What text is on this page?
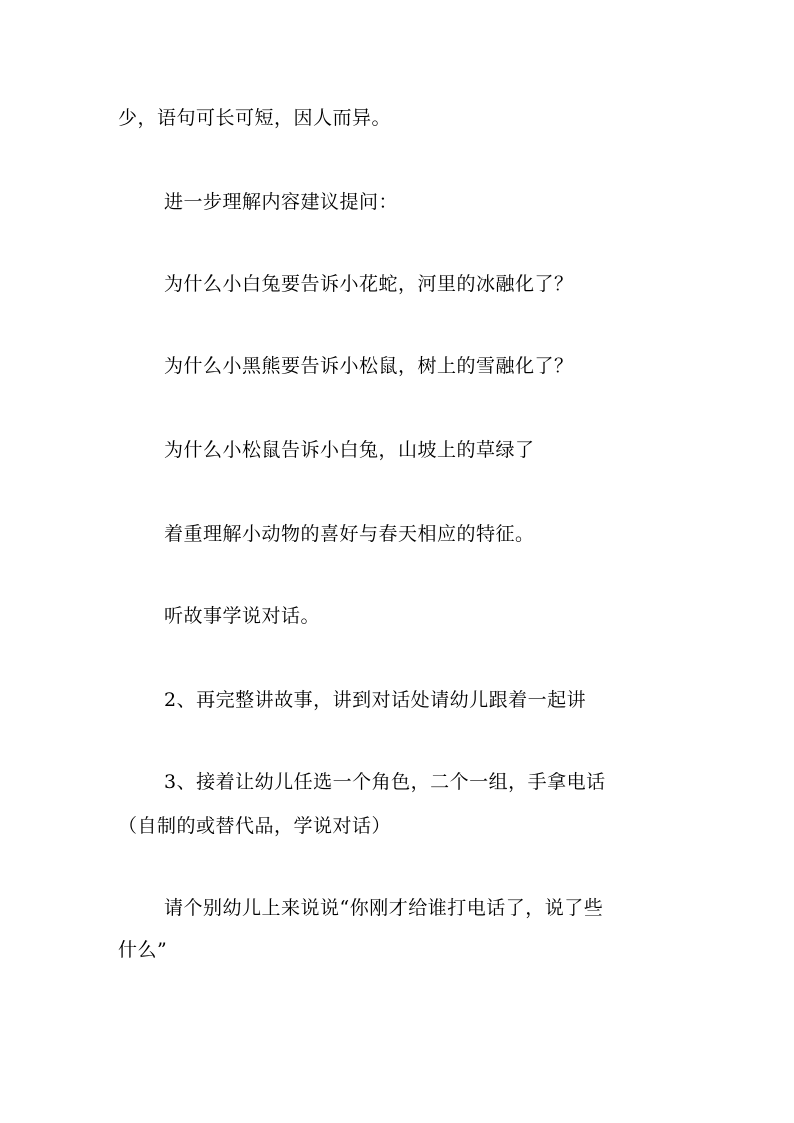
少，语句可长可短，因人而异。
进一步理解内容建议提问：
为什么小白兔要告诉小花蛇，河里的冰融化了？
为什么小黑熊要告诉小松鼠，树上的雪融化了？
为什么小松鼠告诉小白兔，山坡上的草绿了
着重理解小动物的喜好与春天相应的特征。
听故事学说对话。
2、再完整讲故事，讲到对话处请幼儿跟着一起讲
3、接着让幼儿任选一个角色，二个一组，手拿电话
（自制的或替代品，学说对话）
请个别幼儿上来说说“你刚才给谁打电话了，说了些
什么”
